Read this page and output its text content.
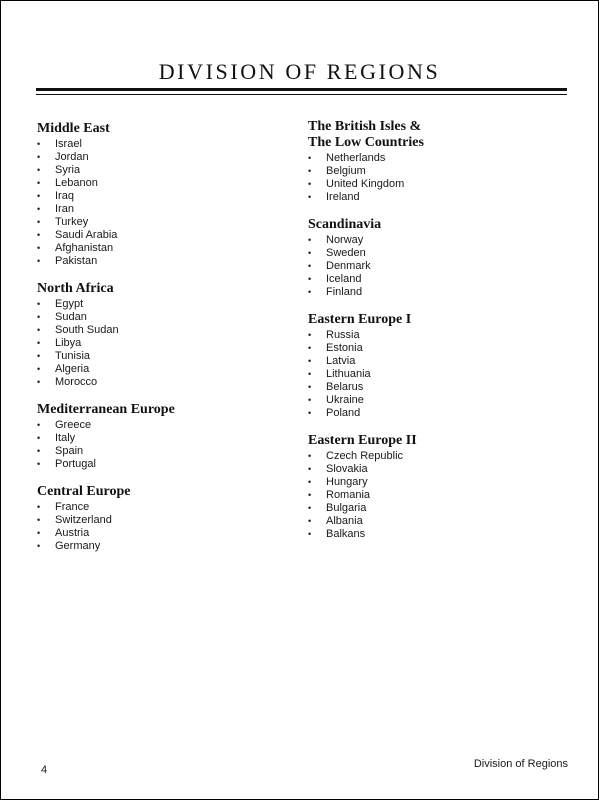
DIVISION OF REGIONS
Middle East
•	Israel
•	Jordan
•	Syria
•	Lebanon
•	Iraq
•	Iran
•	Turkey
•	Saudi Arabia
•	Afghanistan
•	Pakistan
North Africa
•	Egypt
•	Sudan
•	South Sudan
•	Libya
•	Tunisia
•	Algeria
•	Morocco
Mediterranean Europe
•	Greece
•	Italy
•	Spain
•	Portugal
Central Europe
•	France
•	Switzerland
•	Austria
•	Germany
The British Isles &
The Low Countries
•	Netherlands
•	Belgium
•	United Kingdom
•	Ireland
Scandinavia
•	Norway
•	Sweden
•	Denmark
•	Iceland
•	Finland
Eastern Europe I
•	Russia
•	Estonia
•	Latvia
•	Lithuania
•	Belarus
•	Ukraine
•	Poland
Eastern Europe II
•	Czech Republic
•	Slovakia
•	Hungary
•	Romania
•	Bulgaria
•	Albania
•	Balkans
4	Division of Regions
